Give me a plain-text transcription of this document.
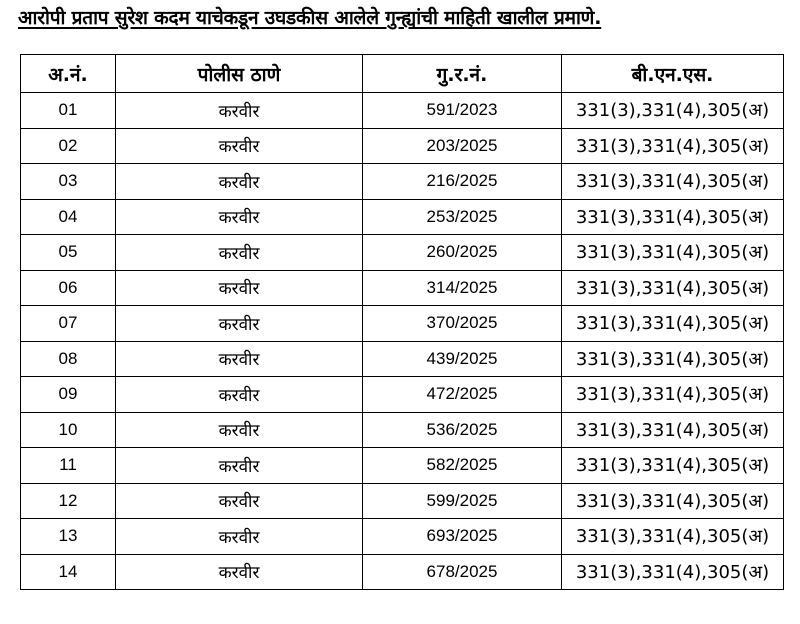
आरोपी प्रताप सुरेश कदम याचेकडून उघडकीस आलेले गुन्ह्यांची माहिती खालील प्रमाणे.
अ.नं.	पोलीस ठाणे	गु.र.नं.	बी.एन.एस.
01	करवीर	591/2023	331(3),331(4),305(अ)
02	करवीर	203/2025	331(3),331(4),305(अ)
03	करवीर	216/2025	331(3),331(4),305(अ)
04	करवीर	253/2025	331(3),331(4),305(अ)
05	करवीर	260/2025	331(3),331(4),305(अ)
06	करवीर	314/2025	331(3),331(4),305(अ)
07	करवीर	370/2025	331(3),331(4),305(अ)
08	करवीर	439/2025	331(3),331(4),305(अ)
09	करवीर	472/2025	331(3),331(4),305(अ)
10	करवीर	536/2025	331(3),331(4),305(अ)
11	करवीर	582/2025	331(3),331(4),305(अ)
12	करवीर	599/2025	331(3),331(4),305(अ)
13	करवीर	693/2025	331(3),331(4),305(अ)
14	करवीर	678/2025	331(3),331(4),305(अ)
